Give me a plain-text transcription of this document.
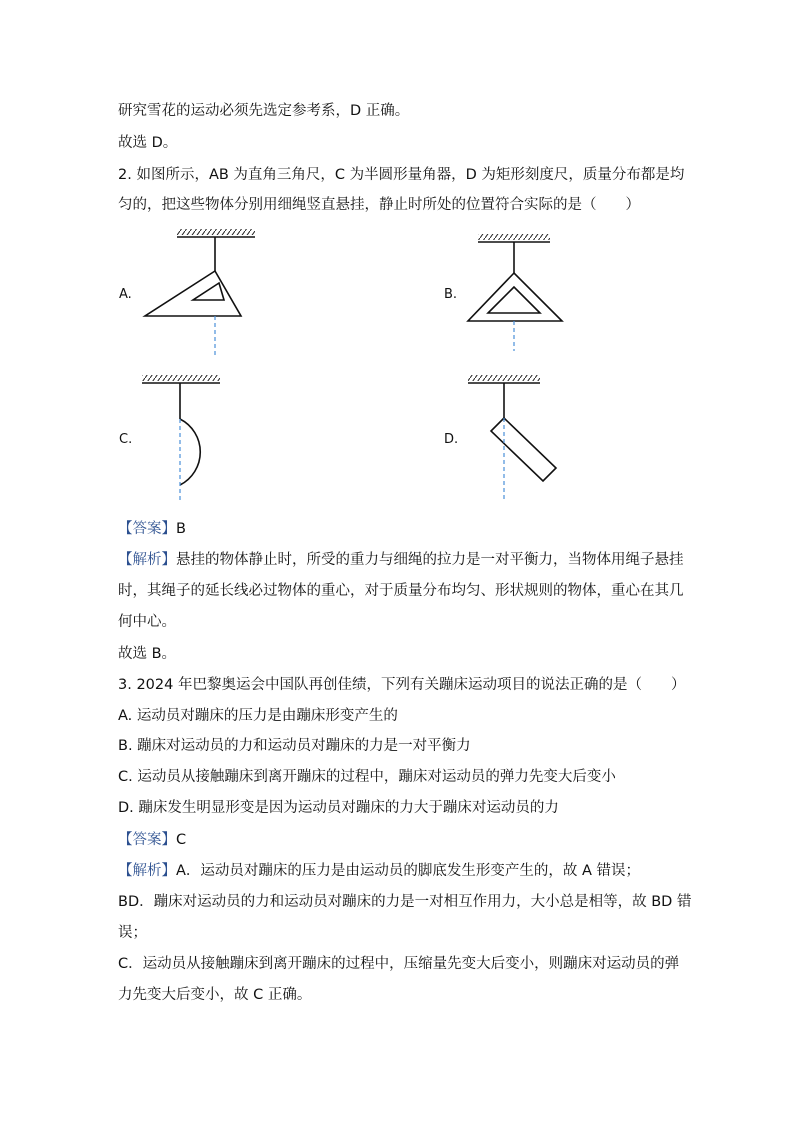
研究雪花的运动必须先选定参考系，D 正确。
故选 D。
2. 如图所示，AB 为直角三角尺，C 为半圆形量角器，D 为矩形刻度尺，质量分布都是均
匀的，把这些物体分别用细绳竖直悬挂，静止时所处的位置符合实际的是（　　）
A.	B.
C.	D.
【答案】B
【解析】悬挂的物体静止时，所受的重力与细绳的拉力是一对平衡力，当物体用绳子悬挂
时，其绳子的延长线必过物体的重心，对于质量分布均匀、形状规则的物体，重心在其几
何中心。
故选 B。
3. 2024 年巴黎奥运会中国队再创佳绩，下列有关蹦床运动项目的说法正确的是（　　）
A. 运动员对蹦床的压力是由蹦床形变产生的
B. 蹦床对运动员的力和运动员对蹦床的力是一对平衡力
C. 运动员从接触蹦床到离开蹦床的过程中，蹦床对运动员的弹力先变大后变小
D. 蹦床发生明显形变是因为运动员对蹦床的力大于蹦床对运动员的力
【答案】C
【解析】A．运动员对蹦床的压力是由运动员的脚底发生形变产生的，故 A 错误；
BD．蹦床对运动员的力和运动员对蹦床的力是一对相互作用力，大小总是相等，故 BD 错
误；
C．运动员从接触蹦床到离开蹦床的过程中，压缩量先变大后变小，则蹦床对运动员的弹
力先变大后变小，故 C 正确。
